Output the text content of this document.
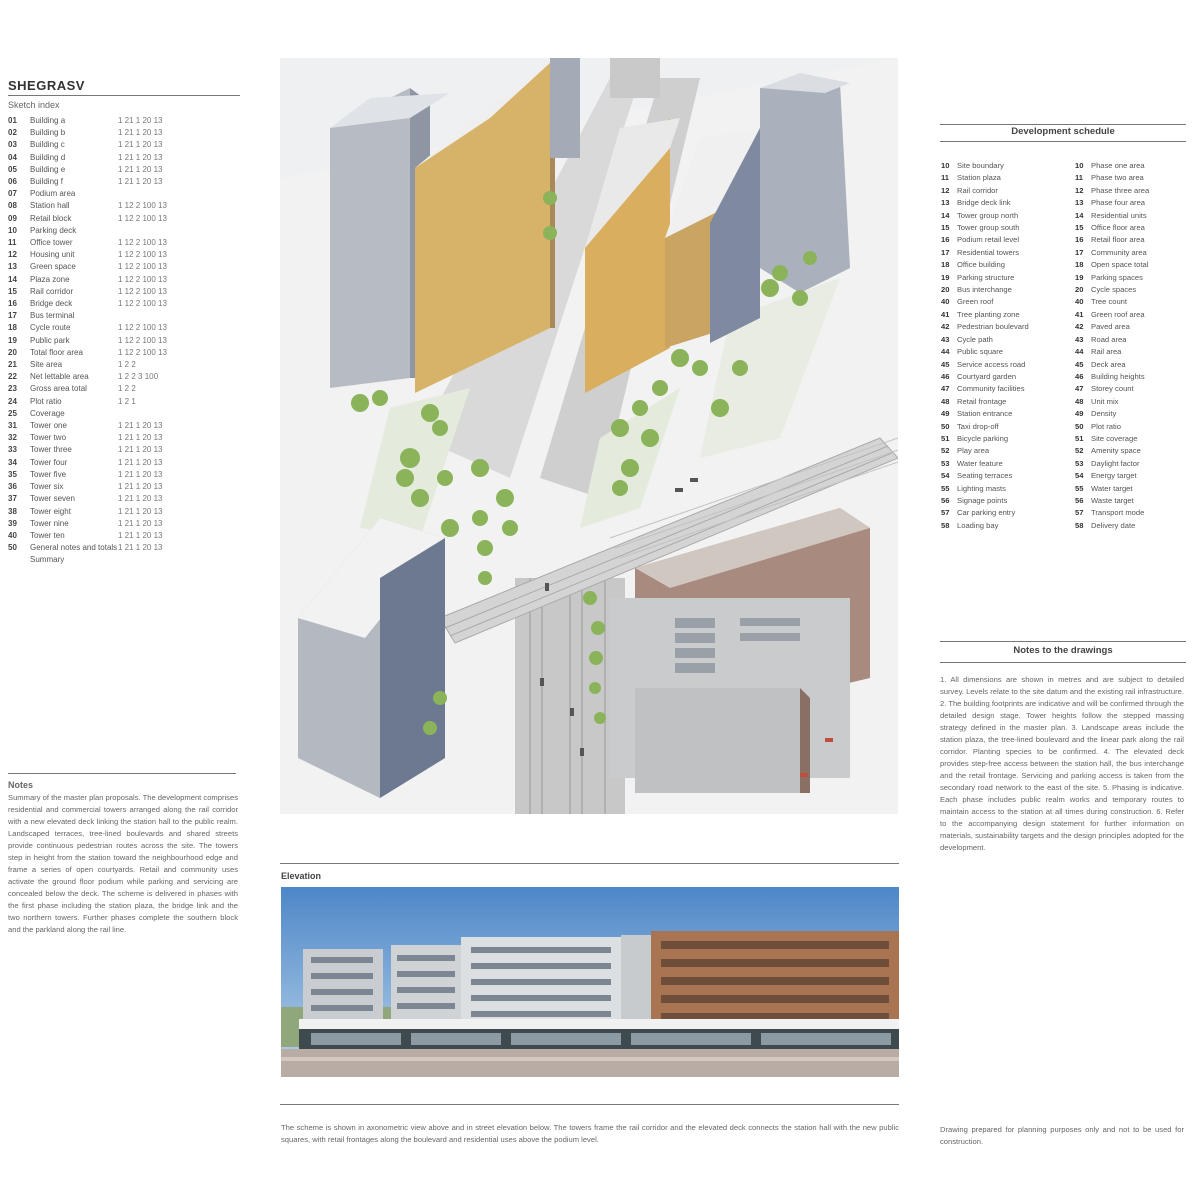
SHEGRASV
Sketch index
01	Building a	1 21 1 20 13
02	Building b	1 21 1 20 13
03	Building c	1 21 1 20 13
04	Building d	1 21 1 20 13
05	Building e	1 21 1 20 13
06	Building f	1 21 1 20 13
07	Podium area
08	Station hall	1 12 2 100 13
09	Retail block	1 12 2 100 13
10	Parking deck
11	Office tower	1 12 2 100 13
12	Housing unit	1 12 2 100 13
13	Green space	1 12 2 100 13
14	Plaza zone	1 12 2 100 13
15	Rail corridor	1 12 2 100 13
16	Bridge deck	1 12 2 100 13
17	Bus terminal
18	Cycle route	1 12 2 100 13
19	Public park	1 12 2 100 13
20	Total floor area	1 12 2 100 13
21	Site area	1 2 2
22	Net lettable area	1 2 2 3 100
23	Gross area total	1 2 2
24	Plot ratio	1 2 1
25	Coverage
31	Tower one	1 21 1 20 13
32	Tower two	1 21 1 20 13
33	Tower three	1 21 1 20 13
34	Tower four	1 21 1 20 13
35	Tower five	1 21 1 20 13
36	Tower six	1 21 1 20 13
37	Tower seven	1 21 1 20 13
38	Tower eight	1 21 1 20 13
39	Tower nine	1 21 1 20 13
40	Tower ten	1 21 1 20 13
50	General notes and totals 1 21 1 20 13
Summary
Notes
Summary of the master plan proposals. The development comprises residential and commercial towers arranged along the rail corridor with a new elevated deck linking the station hall to the public realm. Landscaped terraces, tree-lined boulevards and shared streets provide continuous pedestrian routes across the site. The towers step in height from the station toward the neighbourhood edge and frame a series of open courtyards. Retail and community uses activate the ground floor podium while parking and servicing are concealed below the deck. The scheme is delivered in phases with the first phase including the station plaza, the bridge link and the two northern towers. Further phases complete the southern block and the parkland along the rail line.
Elevation
The scheme is shown in axonometric view above and in street elevation below. The towers frame the rail corridor and the elevated deck connects the station hall with the new public squares, with retail frontages along the boulevard and residential uses above the podium level.
Development schedule
10 Site boundary
11	Station plaza
12 Rail corridor
13 Bridge deck link
14 Tower group north
15 Tower group south
16 Podium retail level
17 Residential towers
18 Office building
19 Parking structure
20 Bus interchange
40 Green roof
41 Tree planting zone
42 Pedestrian boulevard
43 Cycle path
44 Public square
45 Service access road
46 Courtyard garden
47 Community facilities
48 Retail frontage
49 Station entrance
50 Taxi drop-off
51 Bicycle parking
52 Play area
53 Water feature
54 Seating terraces
55 Lighting masts
56 Signage points
57 Car parking entry
58 Loading bay
10 Phase one area
11	Phase two area
12 Phase three area
13 Phase four area
14 Residential units
15 Office floor area
16 Retail floor area
17 Community area
18 Open space total
19 Parking spaces
20 Cycle spaces
40 Tree count
41 Green roof area
42 Paved area
43 Road area
44 Rail area
45 Deck area
46 Building heights
47 Storey count
48 Unit mix
49 Density
50 Plot ratio
51 Site coverage
52 Amenity space
53 Daylight factor
54 Energy target
55 Water target
56 Waste target
57 Transport mode
58 Delivery date
Notes to the drawings
1. All dimensions are shown in metres and are subject to detailed survey. Levels relate to the site datum and the existing rail infrastructure. 2. The building footprints are indicative and will be confirmed through the detailed design stage. Tower heights follow the stepped massing strategy defined in the master plan. 3. Landscape areas include the station plaza, the tree-lined boulevard and the linear park along the rail corridor. Planting species to be confirmed. 4. The elevated deck provides step-free access between the station hall, the bus interchange and the retail frontage. Servicing and parking access is taken from the secondary road network to the east of the site. 5. Phasing is indicative. Each phase includes public realm works and temporary routes to maintain access to the station at all times during construction. 6. Refer to the accompanying design statement for further information on materials, sustainability targets and the design principles adopted for the development.
Drawing prepared for planning purposes only and not to be used for construction.
